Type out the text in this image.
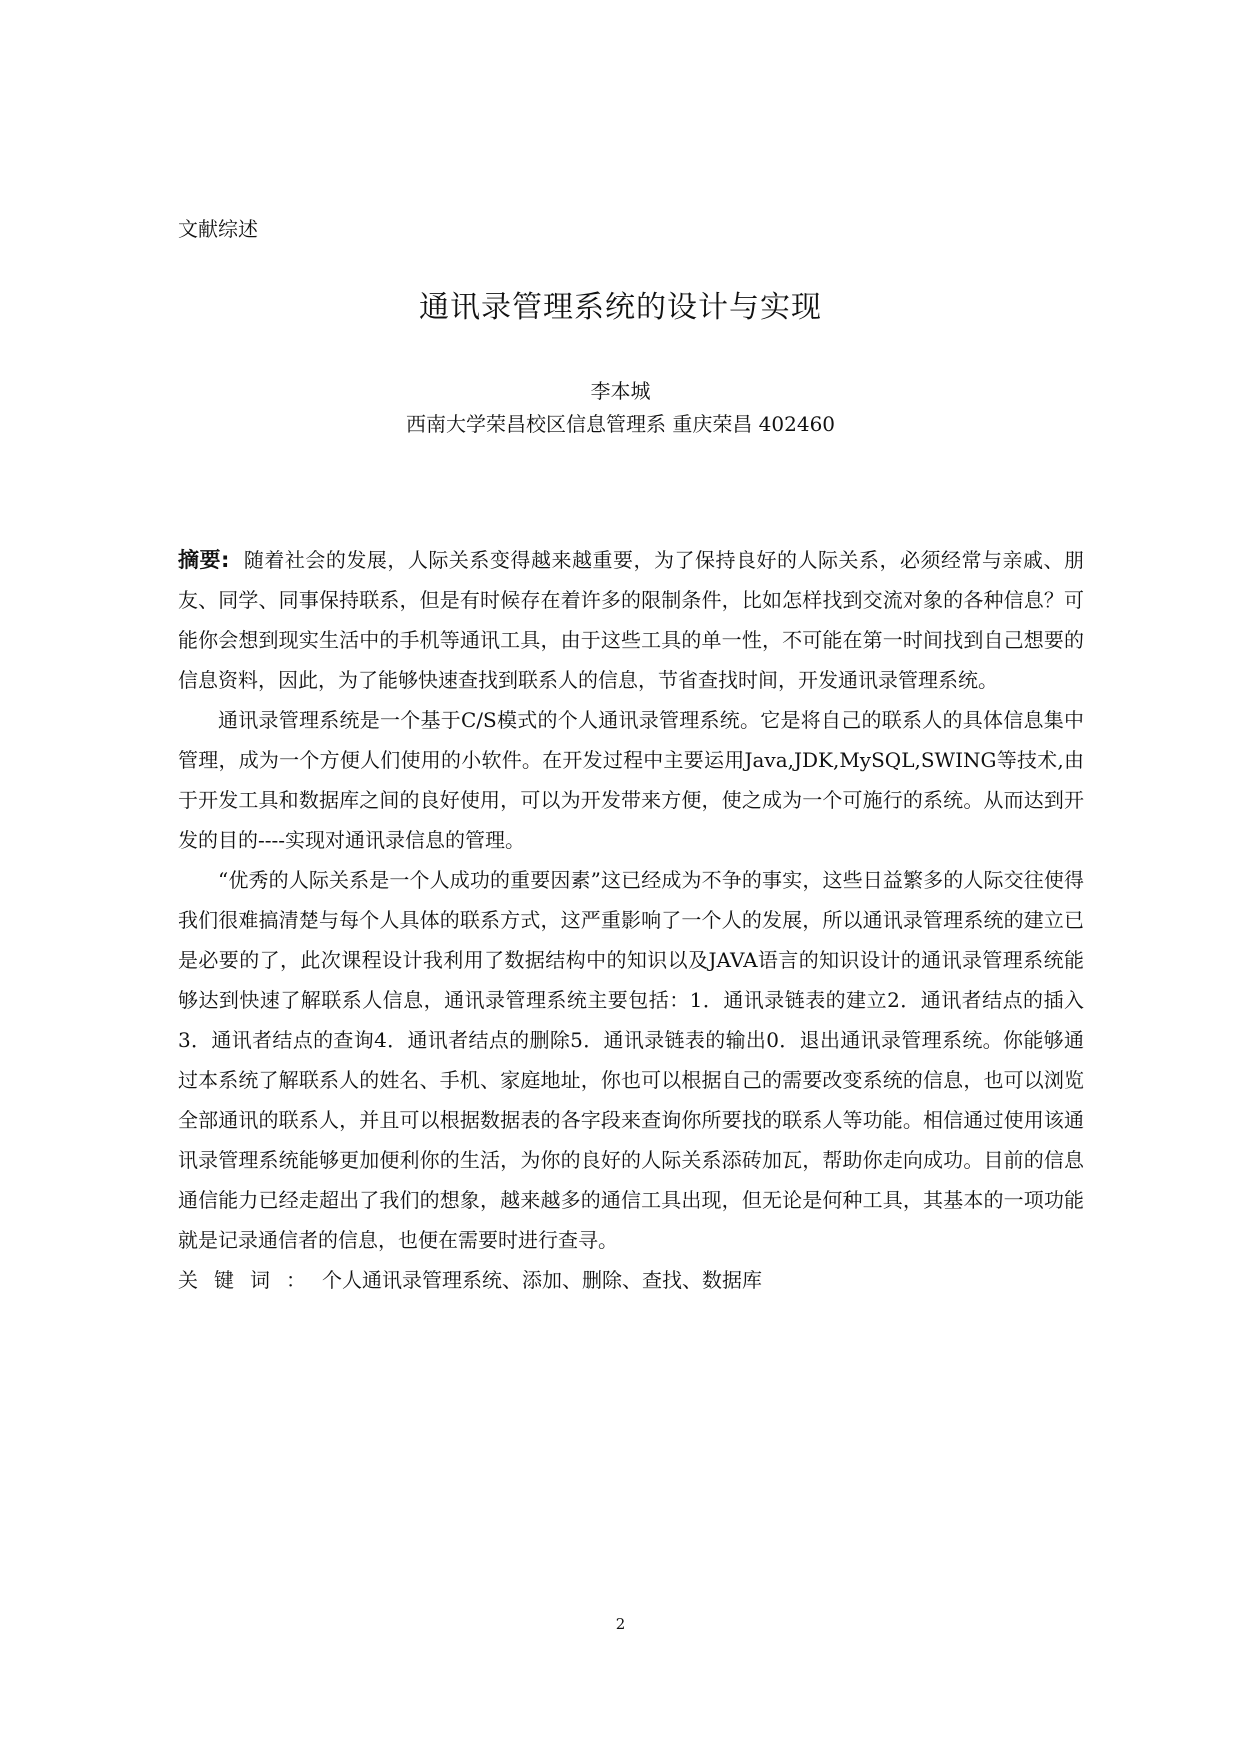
文献综述
通讯录管理系统的设计与实现
李本城
西南大学荣昌校区信息管理系 重庆荣昌 402460

摘要: 随着社会的发展，人际关系变得越来越重要，为了保持良好的人际关系，必须经常与亲戚、朋友、同学、同事保持联系，但是有时候存在着许多的限制条件，比如怎样找到交流对象的各种信息？可能你会想到现实生活中的手机等通讯工具，由于这些工具的单一性，不可能在第一时间找到自己想要的信息资料，因此，为了能够快速查找到联系人的信息，节省查找时间，开发通讯录管理系统。

通讯录管理系统是一个基于C/S模式的个人通讯录管理系统。它是将自己的联系人的具体信息集中管理，成为一个方便人们使用的小软件。在开发过程中主要运用Java,JDK,MySQL,SWING等技术,由于开发工具和数据库之间的良好使用，可以为开发带来方便，使之成为一个可施行的系统。从而达到开发的目的----实现对通讯录信息的管理。

“优秀的人际关系是一个人成功的重要因素”这已经成为不争的事实，这些日益繁多的人际交往使得我们很难搞清楚与每个人具体的联系方式，这严重影响了一个人的发展，所以通讯录管理系统的建立已是必要的了，此次课程设计我利用了数据结构中的知识以及JAVA语言的知识设计的通讯录管理系统能够达到快速了解联系人信息，通讯录管理系统主要包括：1．通讯录链表的建立2．通讯者结点的插入3．通讯者结点的查询4．通讯者结点的删除5．通讯录链表的输出0．退出通讯录管理系统。你能够通过本系统了解联系人的姓名、手机、家庭地址，你也可以根据自己的需要改变系统的信息，也可以浏览全部通讯的联系人，并且可以根据数据表的各字段来查询你所要找的联系人等功能。相信通过使用该通讯录管理系统能够更加便利你的生活，为你的良好的人际关系添砖加瓦，帮助你走向成功。目前的信息通信能力已经走超出了我们的想象，越来越多的通信工具出现，但无论是何种工具，其基本的一项功能就是记录通信者的信息，也便在需要时进行查寻。

关键词：个人通讯录管理系统、添加、删除、查找、数据库

2
